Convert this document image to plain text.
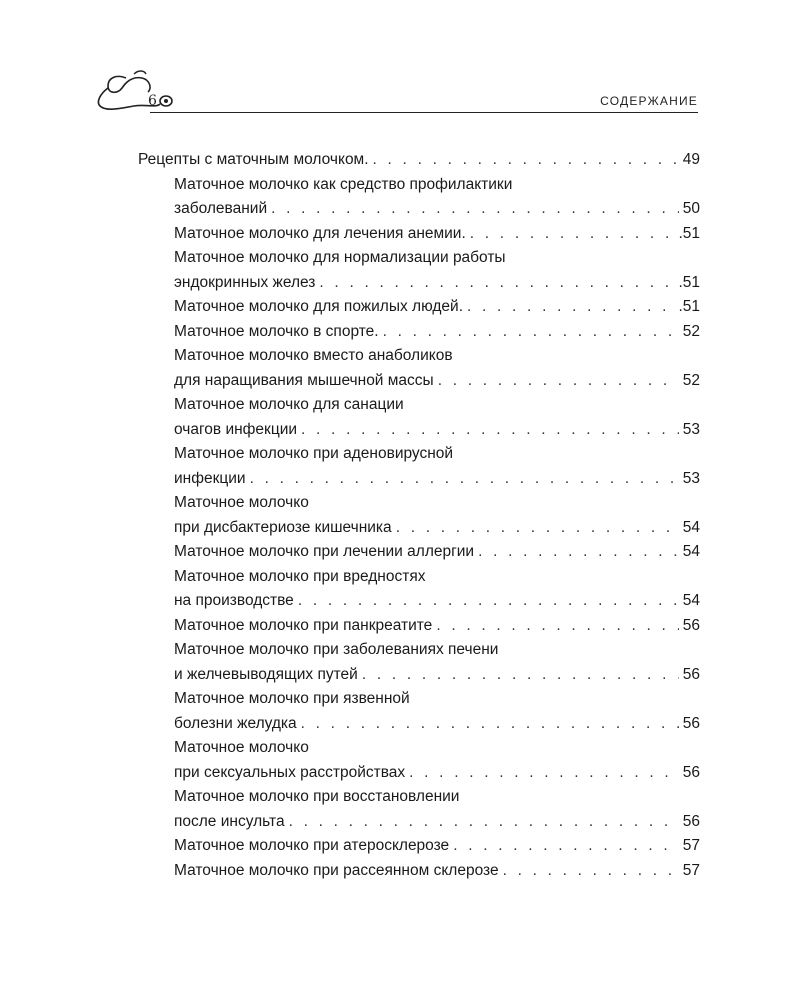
6	СОДЕРЖАНИЕ
Рецепты с маточным молочком. . . .	49
Маточное молочко как средство профилактики
заболеваний . . .	50
Маточное молочко для лечения анемии. . . .	.51
Маточное молочко для нормализации работы
эндокринных желез . . .	.51
Маточное молочко для пожилых людей. . . .	.51
Маточное молочко в спорте. . . .	52
Маточное молочко вместо анаболиков
для наращивания мышечной массы . . .	52
Маточное молочко для санации
очагов инфекции . . .	53
Маточное молочко при аденовирусной
инфекции . . .	53
Маточное молочко
при дисбактериозе кишечника . . .	54
Маточное молочко при лечении аллергии . . .	54
Маточное молочко при вредностях
на производстве . . .	54
Маточное молочко при панкреатите . . .	56
Маточное молочко при заболеваниях печени
и желчевыводящих путей . . .	56
Маточное молочко при язвенной
болезни желудка . . .	56
Маточное молочко
при сексуальных расстройствах . . .	56
Маточное молочко при восстановлении
после инсульта . . .	56
Маточное молочко при атеросклерозе . . .	57
Маточное молочко при рассеянном склерозе . . .	57
